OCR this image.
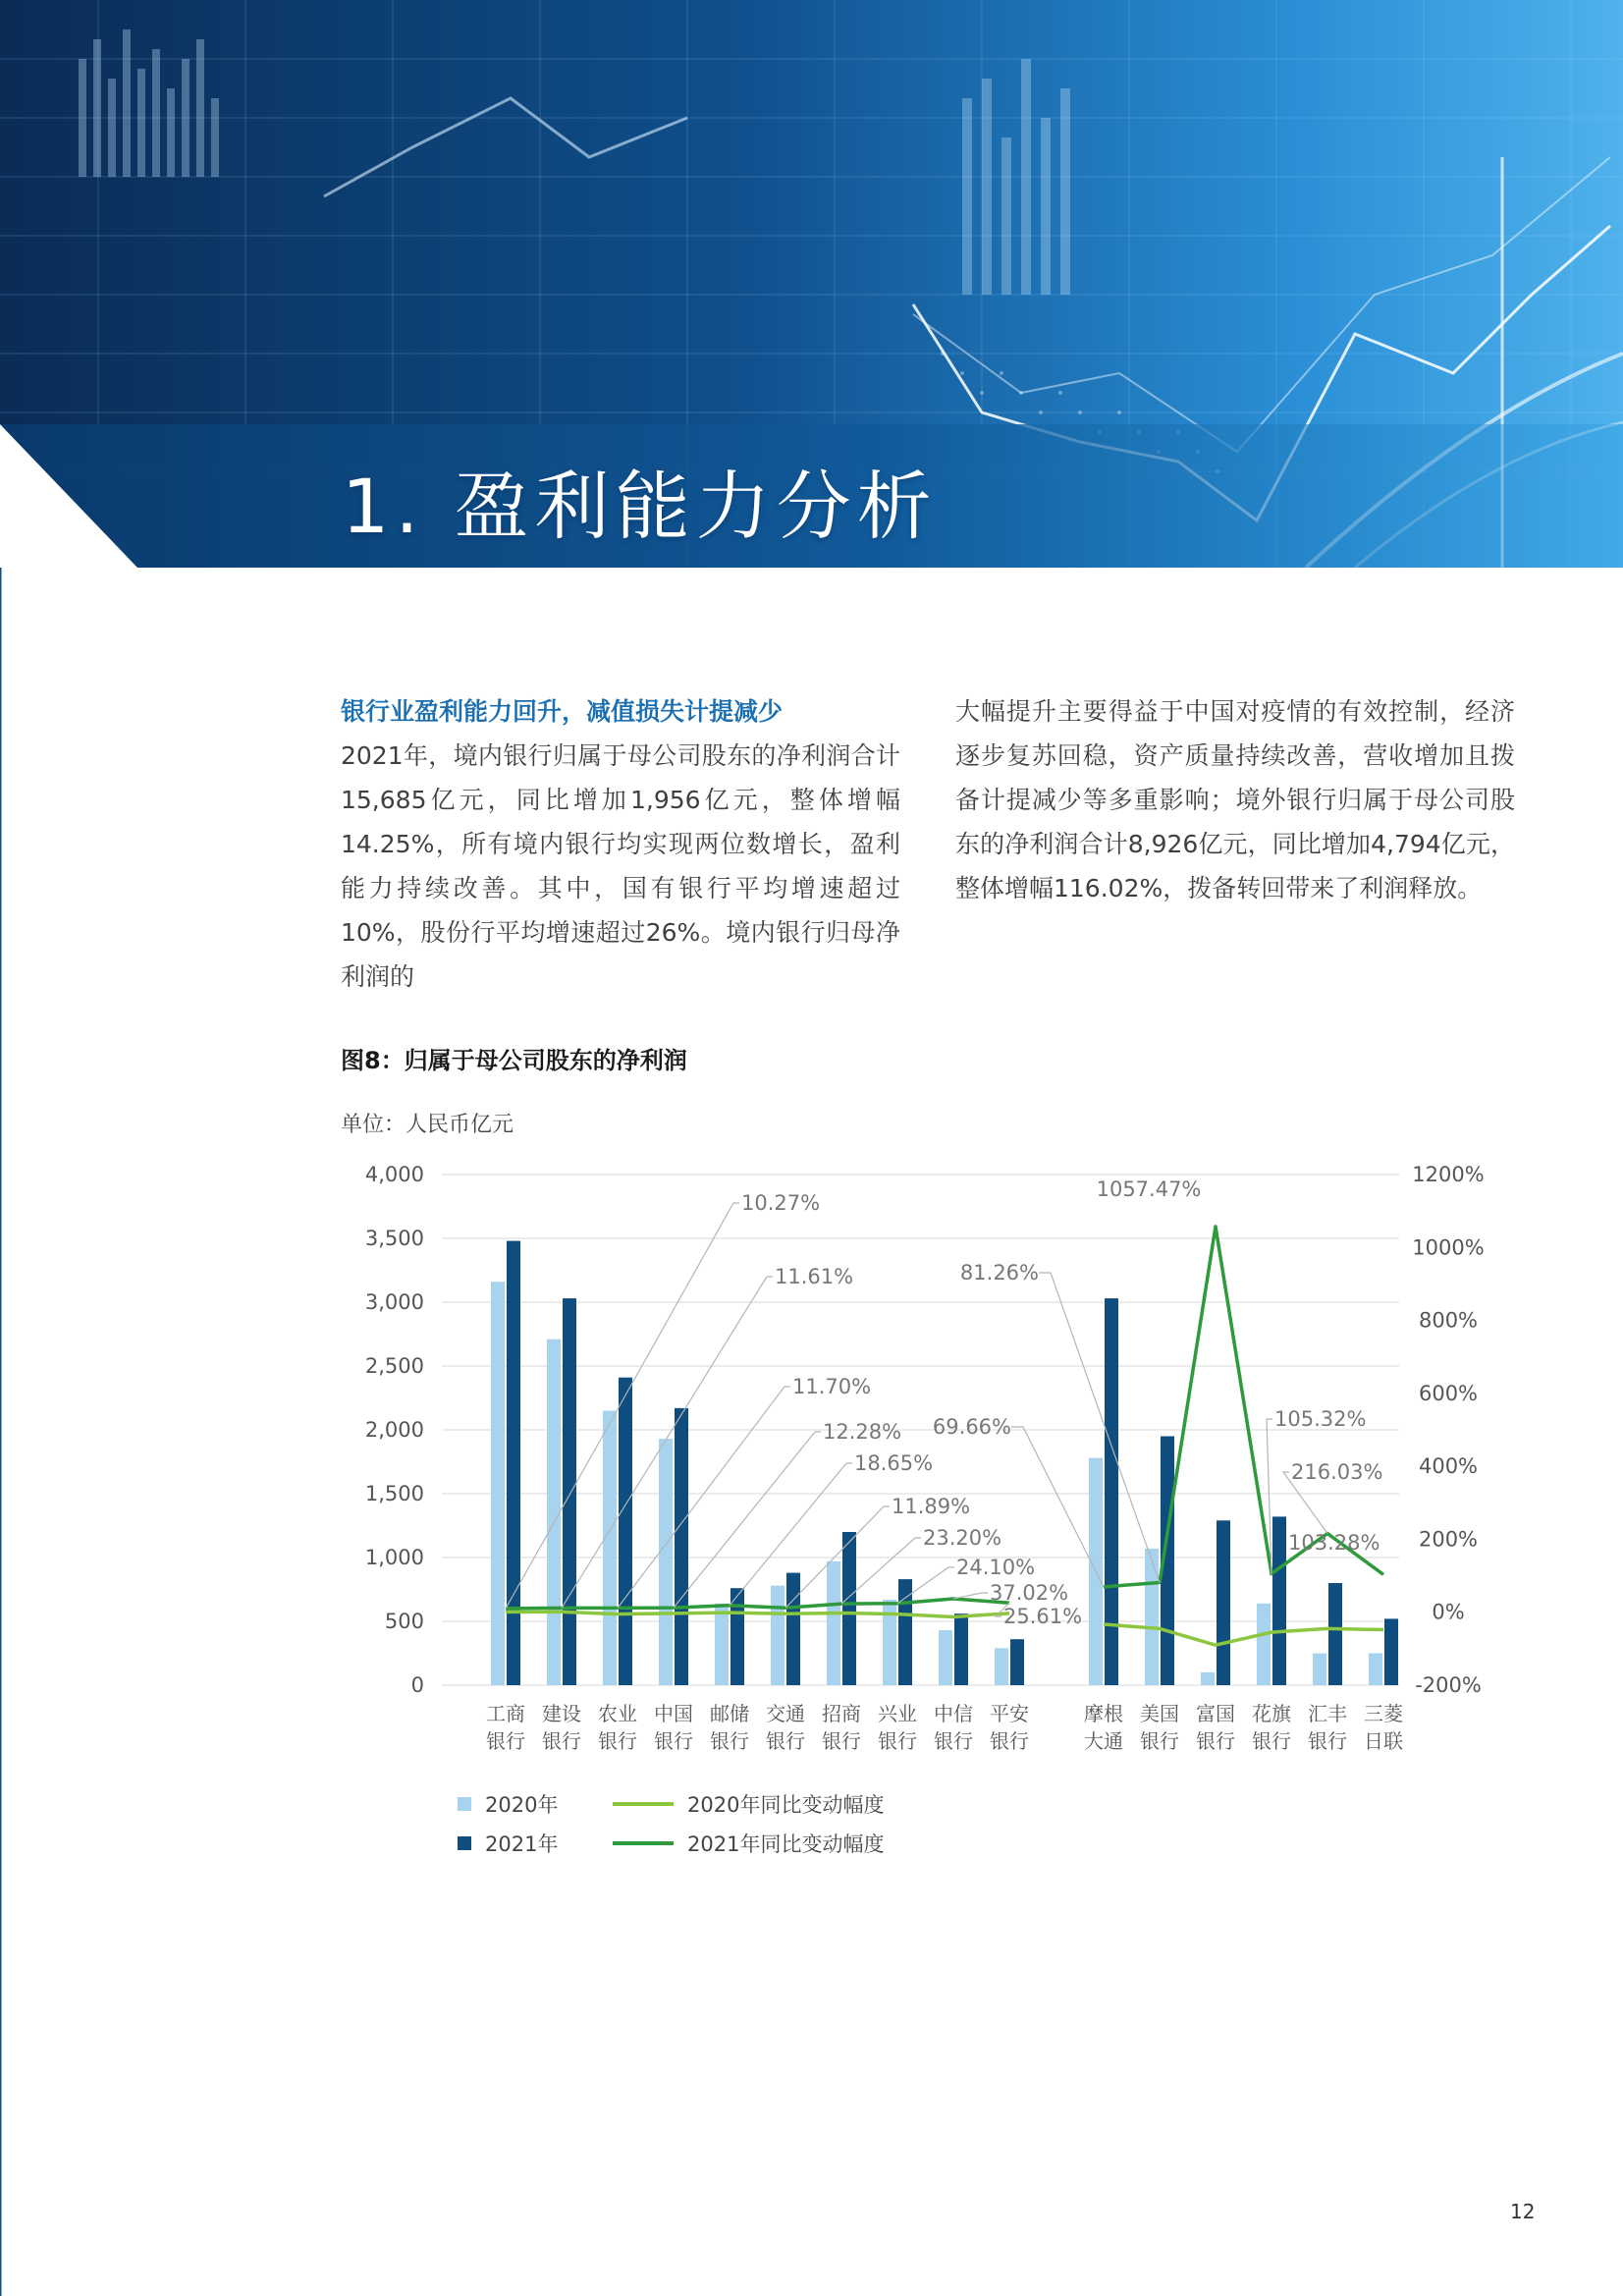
1. 盈利能力分析
银行业盈利能力回升，减值损失计提减少

2021年，境内银行归属于母公司股东的净利润合计15,685亿元，同比增加1,956亿元，整体增幅14.25%，所有境内银行均实现两位数增长，盈利能力持续改善。其中，国有银行平均增速超过10%，股份行平均增速超过26%。境内银行归母净利润的

大幅提升主要得益于中国对疫情的有效控制，经济逐步复苏回稳，资产质量持续改善，营收增加且拨备计提减少等多重影响；境外银行归属于母公司股东的净利润合计8,926亿元，同比增加4,794亿元，整体增幅116.02%，拨备转回带来了利润释放。

图8：归属于母公司股东的净利润
单位：人民币亿元
0
500
1,000
1,500
2,000
2,500
3,000
3,500
4,000
-200%
0%
200%
400%
600%
800%
1000%
1200%
工商
银行
建设
银行
农业
银行
中国
银行
邮储
银行
交通
银行
招商
银行
兴业
银行
中信
银行
平安
银行
摩根
大通
美国
银行
富国
银行
花旗
银行
汇丰
银行
三菱
日联
10.27%
11.61%
11.70%
12.28%
18.65%
11.89%
23.20%
24.10%
37.02%
25.61%
69.66%
81.26%
1057.47%
105.32%
216.03%
103.28%
2020年
2021年
2020年同比变动幅度
2021年同比变动幅度
12
